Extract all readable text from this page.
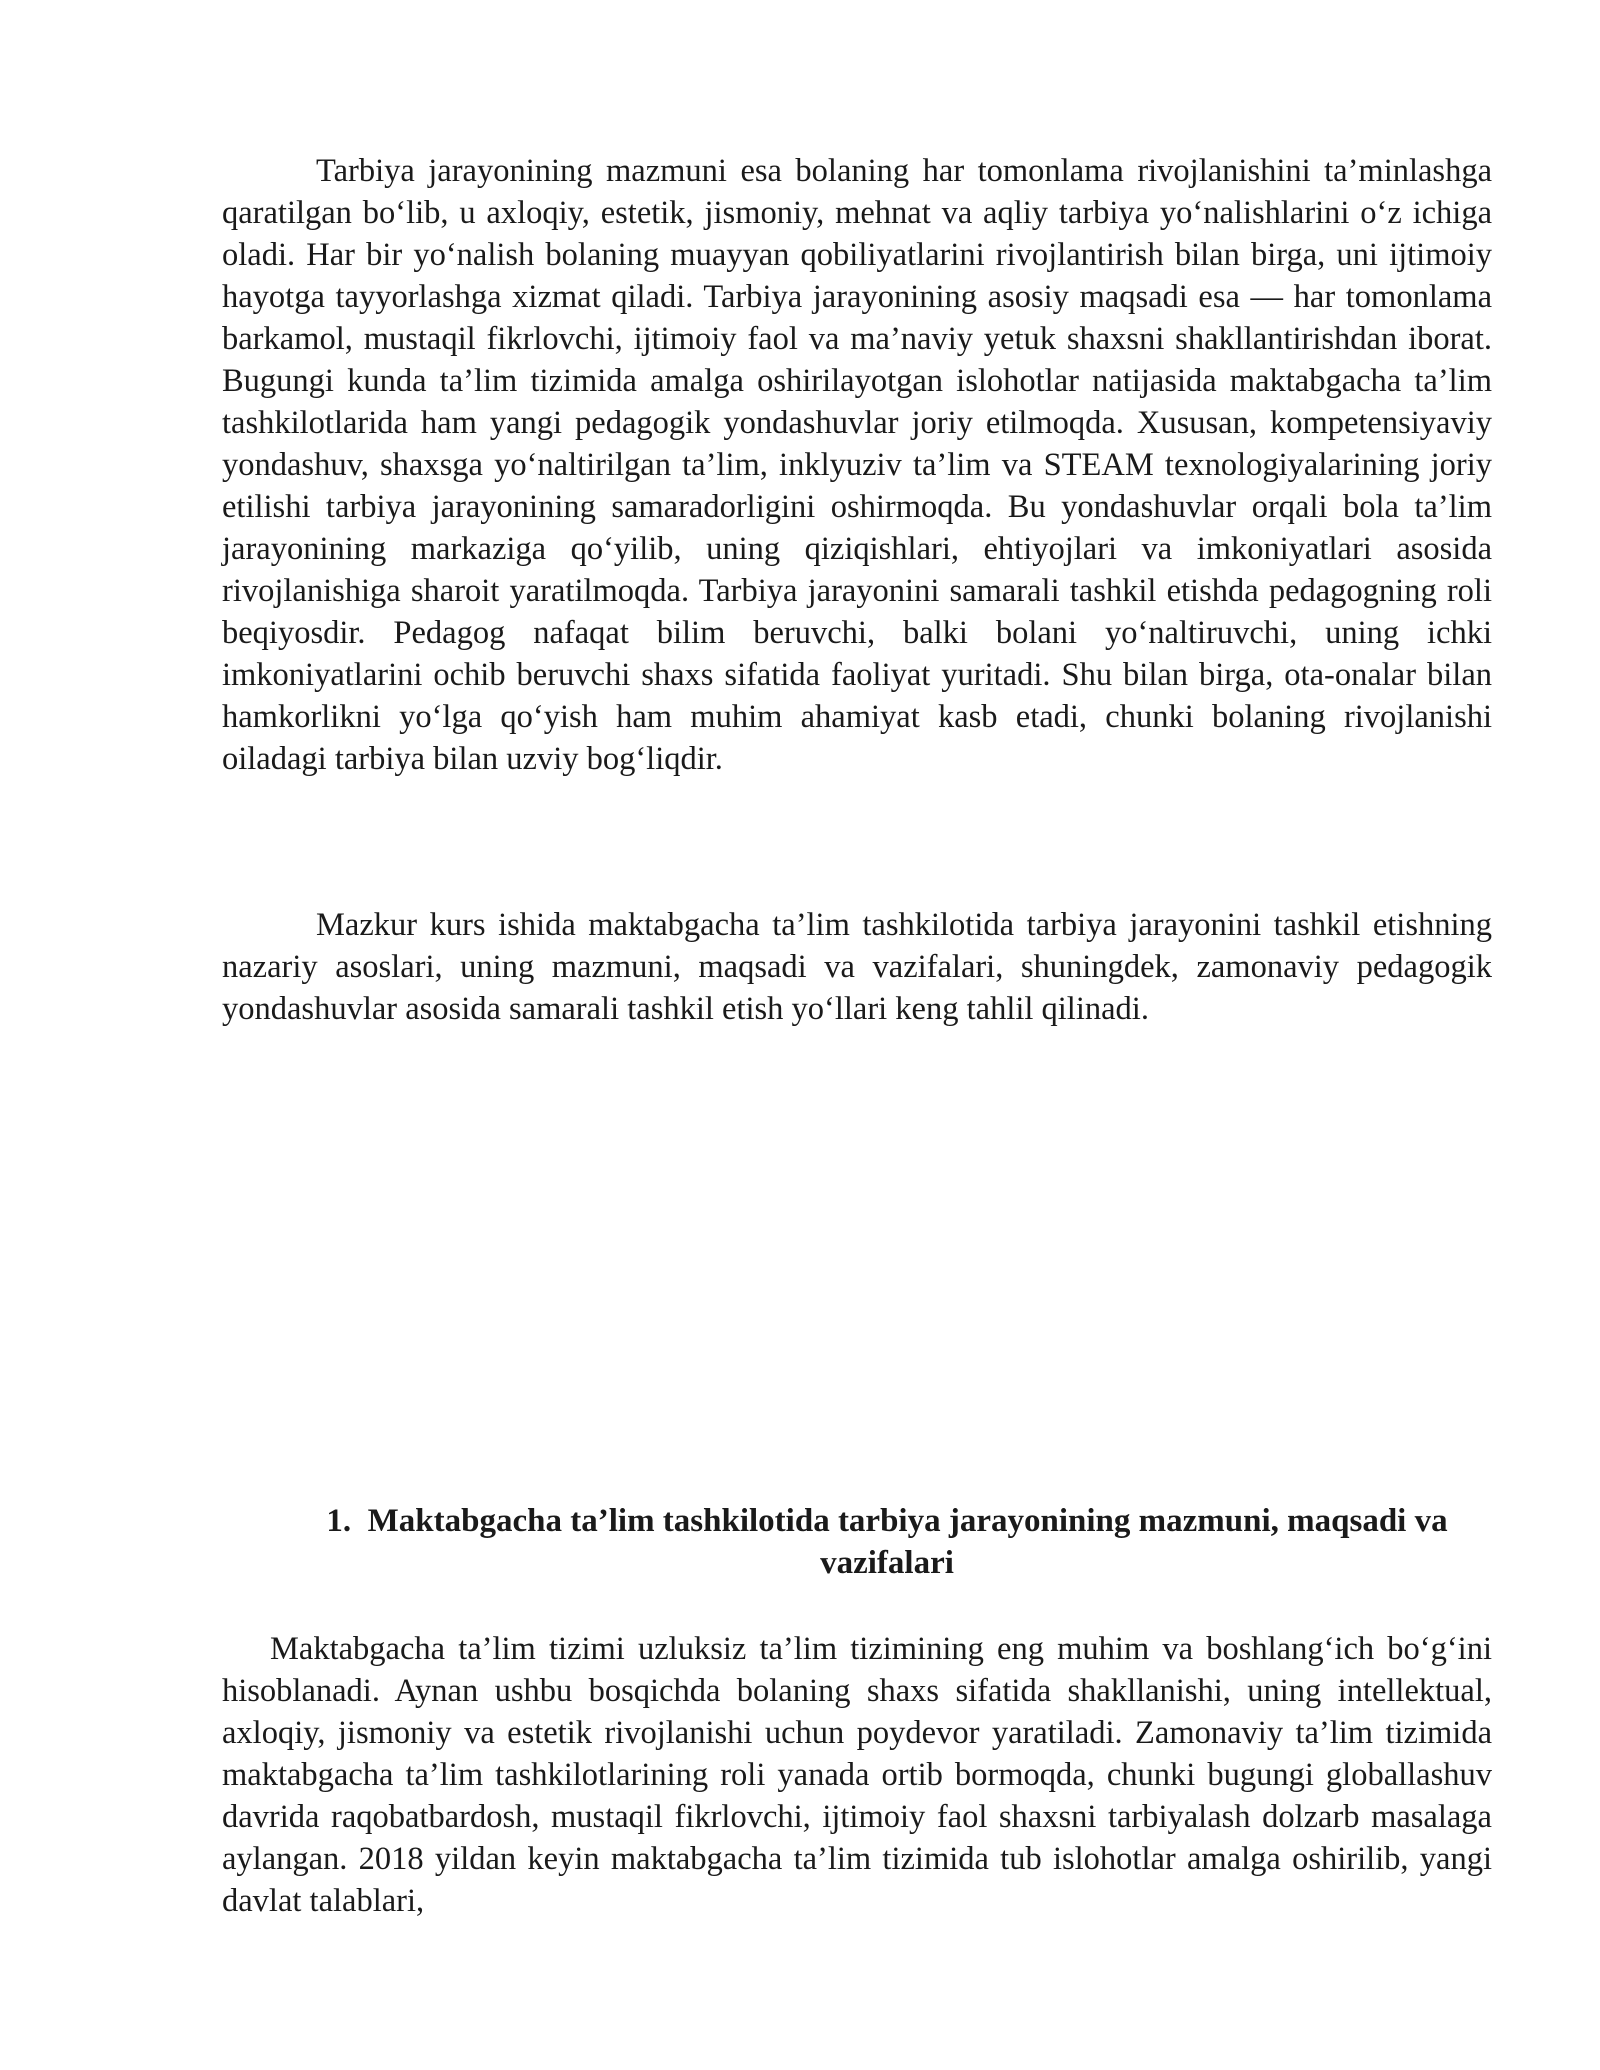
Tarbiya jarayonining mazmuni esa bolaning har tomonlama rivojlanishini ta’minlashga qaratilgan bo‘lib, u axloqiy, estetik, jismoniy, mehnat va aqliy tarbiya yo‘nalishlarini o‘z ichiga oladi. Har bir yo‘nalish bolaning muayyan qobiliyatlarini rivojlantirish bilan birga, uni ijtimoiy hayotga tayyorlashga xizmat qiladi. Tarbiya jarayonining asosiy maqsadi esa — har tomonlama barkamol, mustaqil fikrlovchi, ijtimoiy faol va ma’naviy yetuk shaxsni shakllantirishdan iborat. Bugungi kunda ta’lim tizimida amalga oshirilayotgan islohotlar natijasida maktabgacha ta’lim tashkilotlarida ham yangi pedagogik yondashuvlar joriy etilmoqda. Xususan, kompetensiyaviy yondashuv, shaxsga yo‘naltirilgan ta’lim, inklyuziv ta’lim va STEAM texnologiyalarining joriy etilishi tarbiya jarayonining samaradorligini oshirmoqda. Bu yondashuvlar orqali bola ta’lim jarayonining markaziga qo‘yilib, uning qiziqishlari, ehtiyojlari va imkoniyatlari asosida rivojlanishiga sharoit yaratilmoqda. Tarbiya jarayonini samarali tashkil etishda pedagogning roli beqiyosdir. Pedagog nafaqat bilim beruvchi, balki bolani yo‘naltiruvchi, uning ichki imkoniyatlarini ochib beruvchi shaxs sifatida faoliyat yuritadi. Shu bilan birga, ota-onalar bilan hamkorlikni yo‘lga qo‘yish ham muhim ahamiyat kasb etadi, chunki bolaning rivojlanishi oiladagi tarbiya bilan uzviy bog‘liqdir.

Mazkur kurs ishida maktabgacha ta’lim tashkilotida tarbiya jarayonini tashkil etishning nazariy asoslari, uning mazmuni, maqsadi va vazifalari, shuningdek, zamonaviy pedagogik yondashuvlar asosida samarali tashkil etish yo‘llari keng tahlil qilinadi.

1. Maktabgacha ta’lim tashkilotida tarbiya jarayonining mazmuni, maqsadi va vazifalari

Maktabgacha ta’lim tizimi uzluksiz ta’lim tizimining eng muhim va boshlang‘ich bo‘g‘ini hisoblanadi. Aynan ushbu bosqichda bolaning shaxs sifatida shakllanishi, uning intellektual, axloqiy, jismoniy va estetik rivojlanishi uchun poydevor yaratiladi. Zamonaviy ta’lim tizimida maktabgacha ta’lim tashkilotlarining roli yanada ortib bormoqda, chunki bugungi globallashuv davrida raqobatbardosh, mustaqil fikrlovchi, ijtimoiy faol shaxsni tarbiyalash dolzarb masalaga aylangan. 2018 yildan keyin maktabgacha ta’lim tizimida tub islohotlar amalga oshirilib, yangi davlat talablari,
